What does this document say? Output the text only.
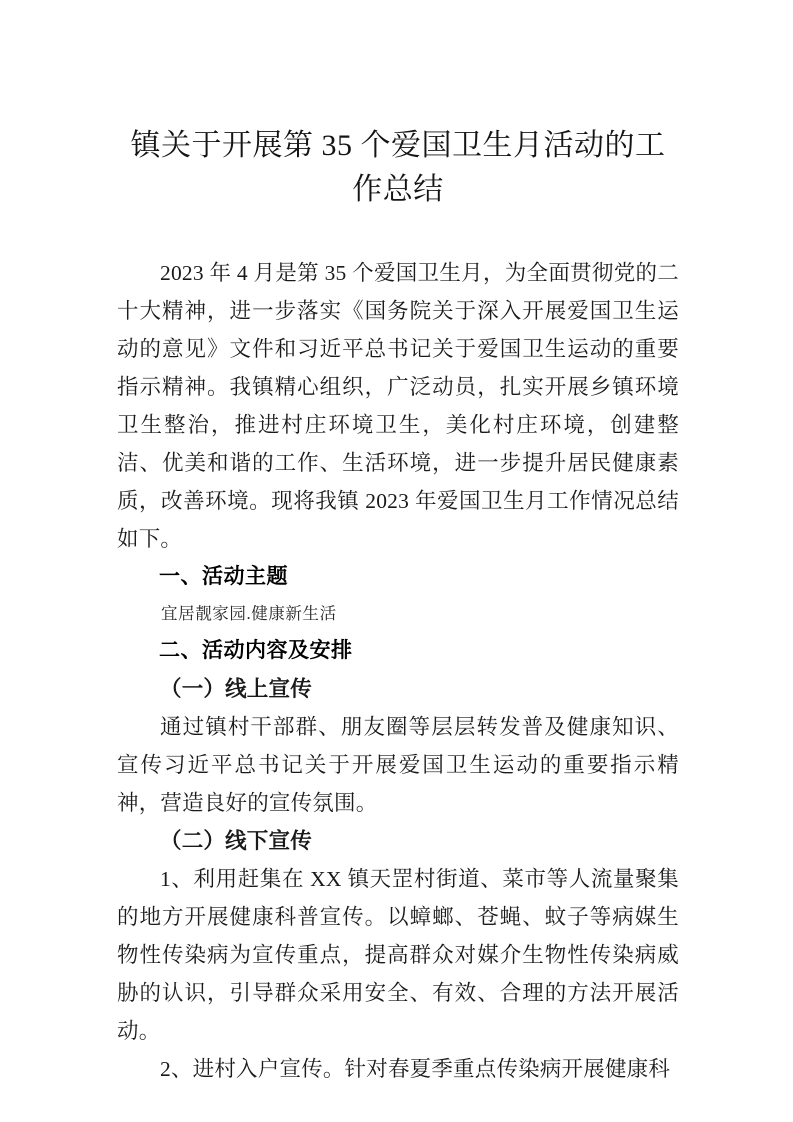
镇关于开展第 35 个爱国卫生月活动的工作总结

2023 年 4 月是第 35 个爱国卫生月，为全面贯彻党的二十大精神，进一步落实《国务院关于深入开展爱国卫生运动的意见》文件和习近平总书记关于爱国卫生运动的重要指示精神。我镇精心组织，广泛动员，扎实开展乡镇环境卫生整治，推进村庄环境卫生，美化村庄环境，创建整洁、优美和谐的工作、生活环境，进一步提升居民健康素质，改善环境。现将我镇 2023 年爱国卫生月工作情况总结如下。

一、活动主题

宜居靓家园.健康新生活

二、活动内容及安排
（一）线上宣传

通过镇村干部群、朋友圈等层层转发普及健康知识、宣传习近平总书记关于开展爱国卫生运动的重要指示精神，营造良好的宣传氛围。

（二）线下宣传

1、利用赶集在 XX 镇天罡村街道、菜市等人流量聚集的地方开展健康科普宣传。以蟑螂、苍蝇、蚊子等病媒生物性传染病为宣传重点，提高群众对媒介生物性传染病威胁的认识，引导群众采用安全、有效、合理的方法开展活动。

2、进村入户宣传。针对春夏季重点传染病开展健康科
